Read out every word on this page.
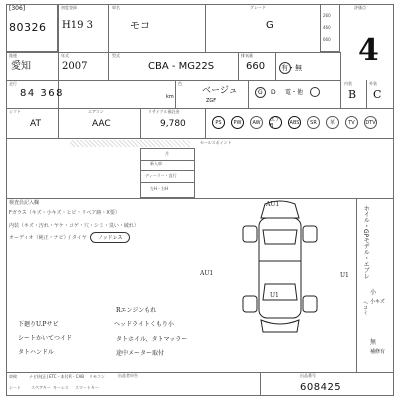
[306]
80326
初度登録
H19 3
車名
モコ
グレード
G
260
460
660
評価点
4
陸運
愛知
年式
2007
型式
CBA - MG22S
排気量
660 有・無
走行
84 368	km
色
ベージュ
ZGF
G D 電・他
内装
B
外装
C
シフト
AT
エアコン
AAC
リサイクル預託金
9,780	PS	PW	AW	エアB
ABS	SR	革	TV	DTV
セールスポイント
月
新入車
ディーラー・直行
左H・右H
検査員記入欄
Fガラス（キズ・小キズ・ヒビ・リペア跡・X要）
内装（キズ・汚れ・ヤケ・コゲ・穴・シミ・臭い・破れ）
オーディオ（純正・ナビ）/ タイヤ ノッドレス
AU1
AU1	U1
U1
ホイル・GPモデル・エブレ
ヘコミ 小キズ
補修有
小
無
下廻りU.Pサビ
シートかいてつイド
タトハンドル
Rエンジンもれ
ヘッドライトくもり小
タトホイル、タトマッラー
途中メーター取付
車検	ナビ(純正) ETC・本付 R・CAB リモコン
シート	スペアキー キーレス スマートキー
出品番号
608425
出品者申告
